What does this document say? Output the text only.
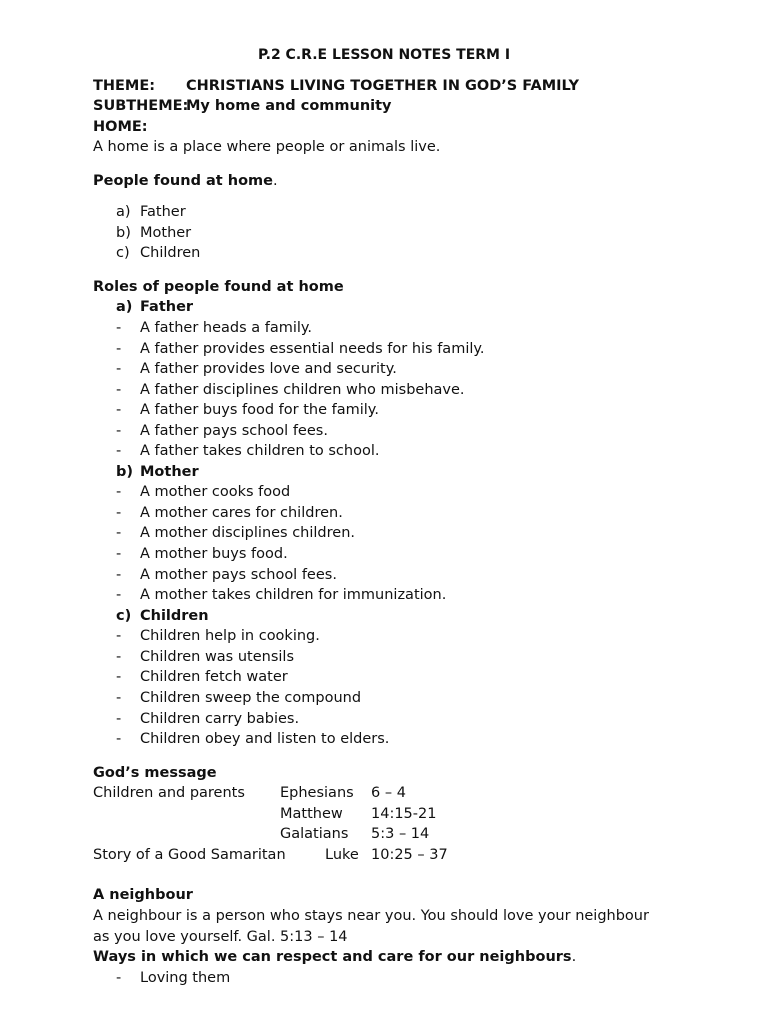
P.2 C.R.E LESSON NOTES TERM I
THEME: CHRISTIANS LIVING TOGETHER IN GOD’S FAMILY
SUBTHEME:
My home and community
HOME:
A home is a place where people or animals live.
People found at home.
a) Father
b) Mother
c) Children
Roles of people found at home
a) Father
- A father heads a family.
- A father provides essential needs for his family.
- A father provides love and security.
- A father disciplines children who misbehave.
- A father buys food for the family.
- A father pays school fees.
- A father takes children to school.
b) Mother
- A mother cooks food
- A mother cares for children.
- A mother disciplines children.
- A mother buys food.
- A mother pays school fees.
- A mother takes children for immunization.
c) Children
- Children help in cooking.
- Children was utensils
- Children fetch water
- Children sweep the compound
- Children carry babies.
- Children obey and listen to elders.
God’s message
Children and parents Ephesians 6 – 4
Matthew 14:15-21
Galatians 5:3 – 14
Story of a Good Samaritan	Luke 10:25 – 37
A neighbour
A neighbour is a person who stays near you. You should love your neighbour
as you love yourself. Gal. 5:13 – 14
Ways in which we can respect and care for our neighbours.
- Loving them
